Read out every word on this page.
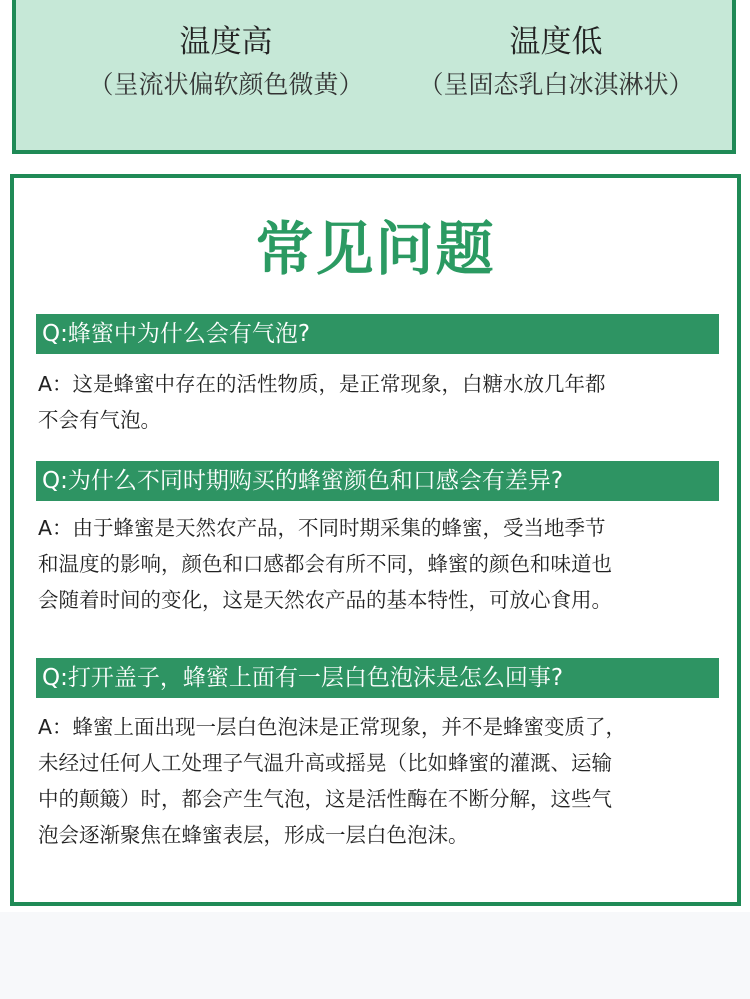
温度高
（呈流状偏软颜色微黄）
温度低
（呈固态乳白冰淇淋状）
常见问题
Q:蜂蜜中为什么会有气泡?
A：这是蜂蜜中存在的活性物质，是正常现象，白糖水放几年都
不会有气泡。
Q:为什么不同时期购买的蜂蜜颜色和口感会有差异?
A：由于蜂蜜是天然农产品，不同时期采集的蜂蜜，受当地季节
和温度的影响，颜色和口感都会有所不同，蜂蜜的颜色和味道也
会随着时间的变化，这是天然农产品的基本特性，可放心食用。
Q:打开盖子，蜂蜜上面有一层白色泡沫是怎么回事?
A：蜂蜜上面出现一层白色泡沫是正常现象，并不是蜂蜜变质了，
未经过任何人工处理子气温升高或摇晃（比如蜂蜜的灌溉、运输
中的颠簸）时，都会产生气泡，这是活性酶在不断分解，这些气
泡会逐渐聚焦在蜂蜜表层，形成一层白色泡沫。
